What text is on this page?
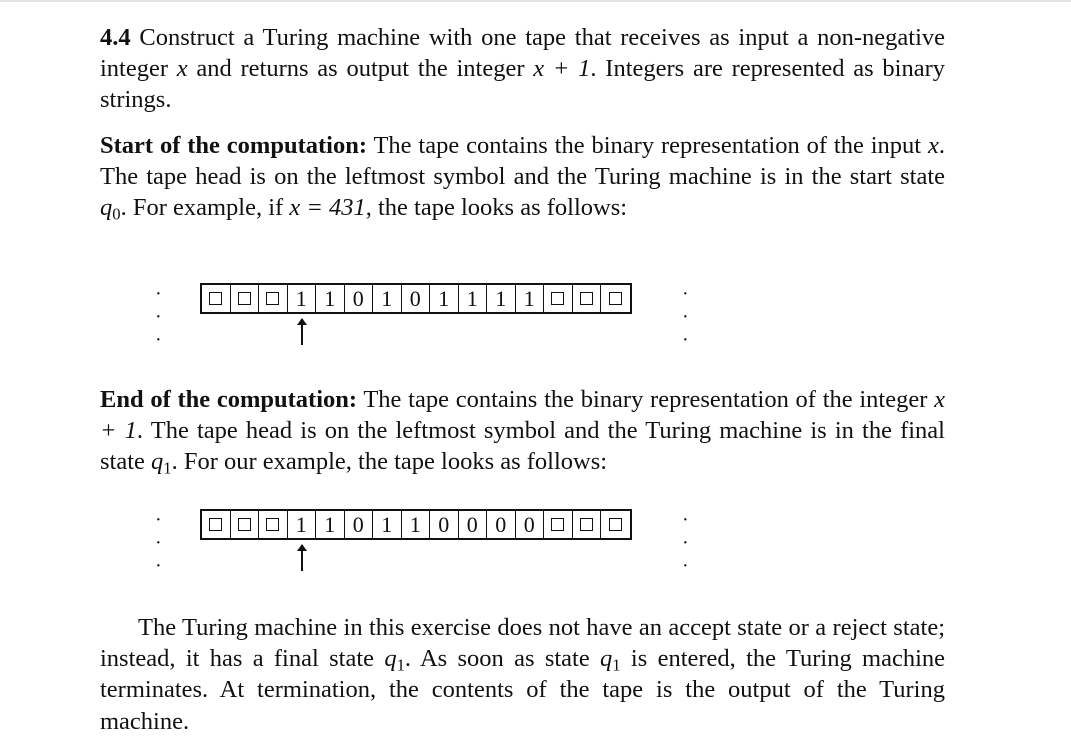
4.4 Construct a Turing machine with one tape that receives as input a non-negative integer x and returns as output the integer x + 1. Integers are represented as binary strings.

Start of the computation: The tape contains the binary representation of the input x. The tape head is on the leftmost symbol and the Turing machine is in the start state $q_0$. For example, if x = 431, the tape looks as follows:

· · ·
1 1 0 1 0 1 1 1 1	· · ·

End of the computation: The tape contains the binary representation of the integer x + 1. The tape head is on the leftmost symbol and the Turing machine is in the final state $q_1$. For our example, the tape looks as follows:

· · ·
1 1 0 1 1 0 0 0 0	· · ·

The Turing machine in this exercise does not have an accept state or a reject state; instead, it has a final state $q_1$. As soon as state $q_1$ is entered, the Turing machine terminates. At termination, the contents of the tape is the output of the Turing machine.
